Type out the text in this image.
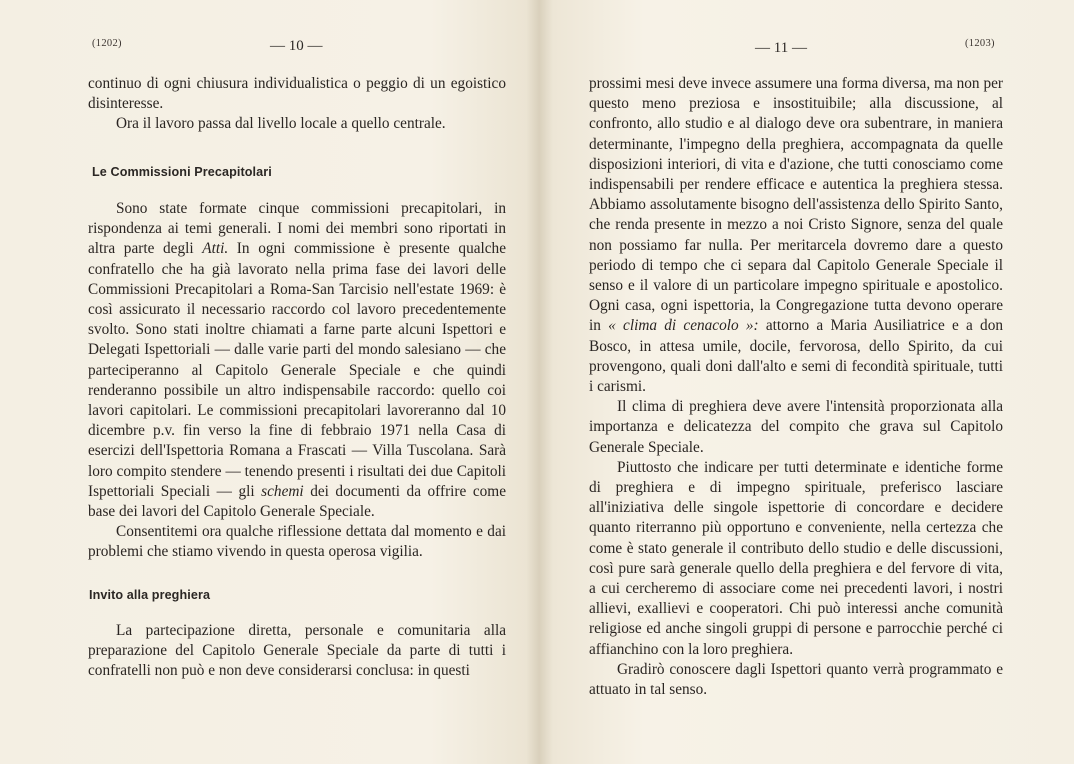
(1202)	— 10 —

continuo di ogni chiusura individualistica o peggio di un egoistico disinteresse.

Ora il lavoro passa dal livello locale a quello centrale.

Le Commissioni Precapitolari

Sono state formate cinque commissioni precapitolari, in rispondenza ai temi generali. I nomi dei membri sono riportati in altra parte degli Atti. In ogni commissione è presente qualche confratello che ha già lavorato nella prima fase dei lavori delle Commissioni Precapitolari a Roma-San Tarcisio nell'estate 1969: è così assicurato il necessario raccordo col lavoro precedentemente svolto. Sono stati inoltre chiamati a farne parte alcuni Ispettori e Delegati Ispettoriali — dalle varie parti del mondo salesiano — che parteciperanno al Capitolo Generale Speciale e che quindi renderanno possibile un altro indispensabile raccordo: quello coi lavori capitolari. Le commissioni precapitolari lavoreranno dal 10 dicembre p.v. fin verso la fine di febbraio 1971 nella Casa di esercizi dell'Ispettoria Romana a Frascati — Villa Tuscolana. Sarà loro compito stendere — tenendo presenti i risultati dei due Capitoli Ispettoriali Speciali — gli schemi dei documenti da offrire come base dei lavori del Capitolo Generale Speciale.

Consentitemi ora qualche riflessione dettata dal momento e dai problemi che stiamo vivendo in questa operosa vigilia.

Invito alla preghiera

La partecipazione diretta, personale e comunitaria alla preparazione del Capitolo Generale Speciale da parte di tutti i confratelli non può e non deve considerarsi conclusa: in questi

— 11 —	(1203)

prossimi mesi deve invece assumere una forma diversa, ma non per questo meno preziosa e insostituibile; alla discussione, al confronto, allo studio e al dialogo deve ora subentrare, in maniera determinante, l'impegno della preghiera, accompagnata da quelle disposizioni interiori, di vita e d'azione, che tutti conosciamo come indispensabili per rendere efficace e autentica la preghiera stessa. Abbiamo assolutamente bisogno dell'assistenza dello Spirito Santo, che renda presente in mezzo a noi Cristo Signore, senza del quale non possiamo far nulla. Per meritarcela dovremo dare a questo periodo di tempo che ci separa dal Capitolo Generale Speciale il senso e il valore di un particolare impegno spirituale e apostolico. Ogni casa, ogni ispettoria, la Congregazione tutta devono operare in « clima di cenacolo »: attorno a Maria Ausiliatrice e a don Bosco, in attesa umile, docile, fervorosa, dello Spirito, da cui provengono, quali doni dall'alto e semi di fecondità spirituale, tutti i carismi.

Il clima di preghiera deve avere l'intensità proporzionata alla importanza e delicatezza del compito che grava sul Capitolo Generale Speciale.

Piuttosto che indicare per tutti determinate e identiche forme di preghiera e di impegno spirituale, preferisco lasciare all'iniziativa delle singole ispettorie di concordare e decidere quanto riterranno più opportuno e conveniente, nella certezza che come è stato generale il contributo dello studio e delle discussioni, così pure sarà generale quello della preghiera e del fervore di vita, a cui cercheremo di associare come nei precedenti lavori, i nostri allievi, exallievi e cooperatori. Chi può interessi anche comunità religiose ed anche singoli gruppi di persone e parrocchie perché ci affianchino con la loro preghiera.

Gradirò conoscere dagli Ispettori quanto verrà programmato e attuato in tal senso.
